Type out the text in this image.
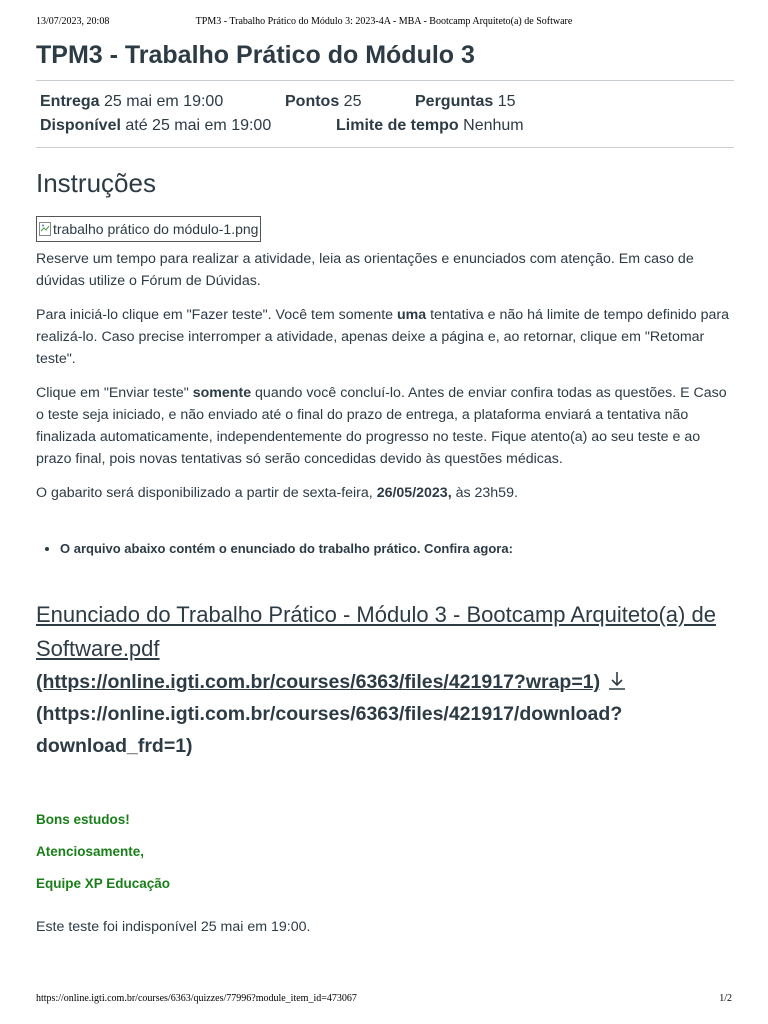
13/07/2023, 20:08	TPM3 - Trabalho Prático do Módulo 3: 2023-4A - MBA - Bootcamp Arquiteto(a) de Software
TPM3 - Trabalho Prático do Módulo 3
Entrega 25 mai em 19:00	Pontos 25	Perguntas 15
Disponível até 25 mai em 19:00	Limite de tempo Nenhum
Instruções
trabalho prático do módulo-1.png

Reserve um tempo para realizar a atividade, leia as orientações e enunciados com atenção. Em caso de dúvidas utilize o Fórum de Dúvidas.

Para iniciá-lo clique em "Fazer teste". Você tem somente uma tentativa e não há limite de tempo definido para realizá-lo. Caso precise interromper a atividade, apenas deixe a página e, ao retornar, clique em "Retomar teste".

Clique em "Enviar teste" somente quando você concluí-lo. Antes de enviar confira todas as questões. E Caso o teste seja iniciado, e não enviado até o final do prazo de entrega, a plataforma enviará a tentativa não finalizada automaticamente, independentemente do progresso no teste. Fique atento(a) ao seu teste e ao prazo final, pois novas tentativas só serão concedidas devido às questões médicas.

O gabarito será disponibilizado a partir de sexta-feira, 26/05/2023, às 23h59.

• O arquivo abaixo contém o enunciado do trabalho prático. Confira agora:
Enunciado do Trabalho Prático - Módulo 3 - Bootcamp Arquiteto(a) de Software.pdf
(https://online.igti.com.br/courses/6363/files/421917?wrap=1)
(https://online.igti.com.br/courses/6363/files/421917/download?
download_frd=1)
Bons estudos!
Atenciosamente,
Equipe XP Educação
Este teste foi indisponível 25 mai em 19:00.
https://online.igti.com.br/courses/6363/quizzes/77996?module_item_id=473067	1/2
